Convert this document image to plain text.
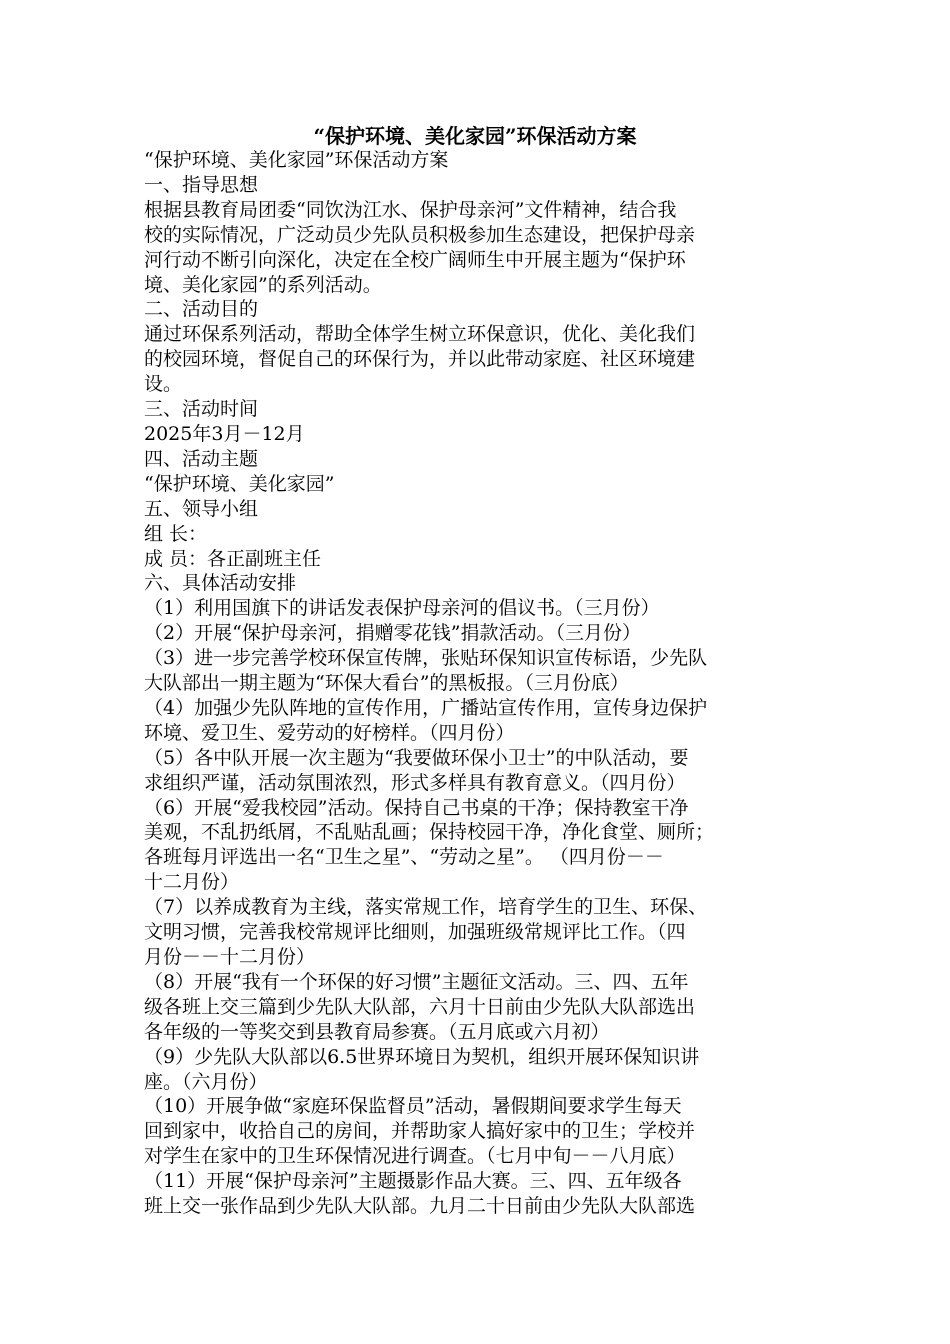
“保护环境、美化家园”环保活动方案

“保护环境、美化家园”环保活动方案

一、指导思想

根据县教育局团委“同饮沩江水、保护母亲河”文件精神，结合我

校的实际情况，广泛动员少先队员积极参加生态建设，把保护母亲

河行动不断引向深化，决定在全校广阔师生中开展主题为“保护环

境、美化家园”的系列活动。

二、活动目的

通过环保系列活动，帮助全体学生树立环保意识，优化、美化我们

的校园环境，督促自己的环保行为，并以此带动家庭、社区环境建

设。

三、活动时间

2025年3月－12月

四、活动主题

“保护环境、美化家园”

五、领导小组

组 长：

成 员：各正副班主任

六、具体活动安排

（1）利用国旗下的讲话发表保护母亲河的倡议书。（三月份）

（2）开展“保护母亲河，捐赠零花钱”捐款活动。（三月份）

（3）进一步完善学校环保宣传牌，张贴环保知识宣传标语，少先队

大队部出一期主题为“环保大看台”的黑板报。（三月份底）

（4）加强少先队阵地的宣传作用，广播站宣传作用，宣传身边保护

环境、爱卫生、爱劳动的好榜样。（四月份）

（5）各中队开展一次主题为“我要做环保小卫士”的中队活动，要

求组织严谨，活动氛围浓烈，形式多样具有教育意义。（四月份）

（6）开展“爱我校园”活动。保持自己书桌的干净；保持教室干净

美观，不乱扔纸屑，不乱贴乱画；保持校园干净，净化食堂、厕所；

各班每月评选出一名“卫生之星”、“劳动之星”。 （四月份－－

十二月份）

（7）以养成教育为主线，落实常规工作，培育学生的卫生、环保、

文明习惯，完善我校常规评比细则，加强班级常规评比工作。（四

月份－－十二月份）

（8）开展“我有一个环保的好习惯”主题征文活动。三、四、五年

级各班上交三篇到少先队大队部，六月十日前由少先队大队部选出

各年级的一等奖交到县教育局参赛。（五月底或六月初）

（9）少先队大队部以6.5世界环境日为契机，组织开展环保知识讲

座。（六月份）

（10）开展争做“家庭环保监督员”活动，暑假期间要求学生每天

回到家中，收拾自己的房间，并帮助家人搞好家中的卫生；学校并

对学生在家中的卫生环保情况进行调查。（七月中旬－－八月底）

（11）开展“保护母亲河”主题摄影作品大赛。三、四、五年级各

班上交一张作品到少先队大队部。九月二十日前由少先队大队部选
